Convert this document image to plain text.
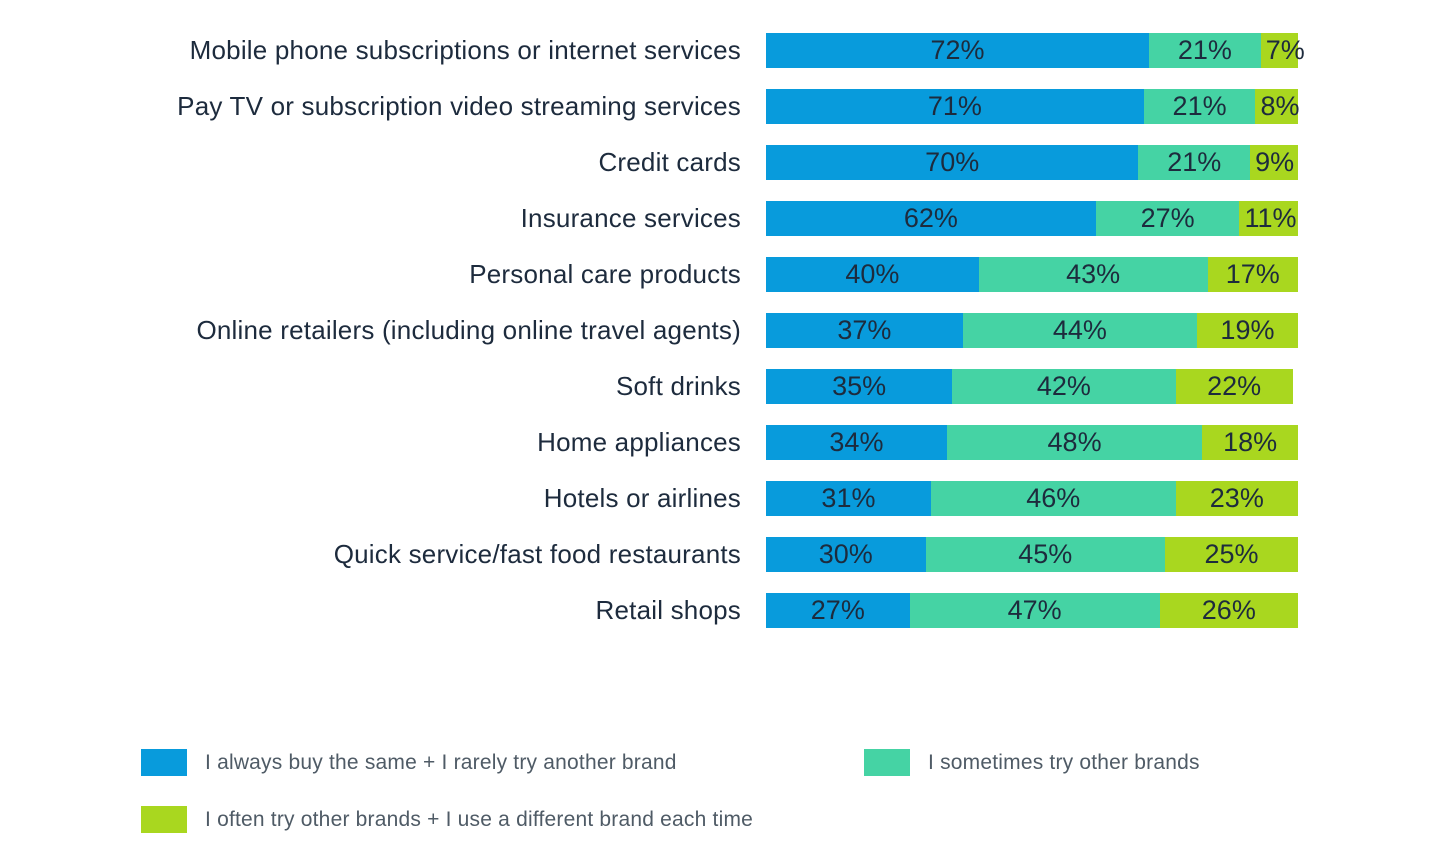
Mobile phone subscriptions or internet services	72%	21% 7%
Pay TV or subscription video streaming services	71%	21% 8%
Credit cards	70%	21% 9%
Insurance services	62%	27% 11%
Personal care products	40%	43%	17%
Online retailers (including online travel agents)	37%	44%	19%
Soft drinks	35%	42%	22%
Home appliances	34%	48%	18%
Hotels or airlines	31%	46%	23%
Quick service/fast food restaurants	30%	45%	25%
Retail shops	27%	47%	26%
I always buy the same + I rarely try another brand	I sometimes try other brands
I often try other brands + I use a different brand each time
